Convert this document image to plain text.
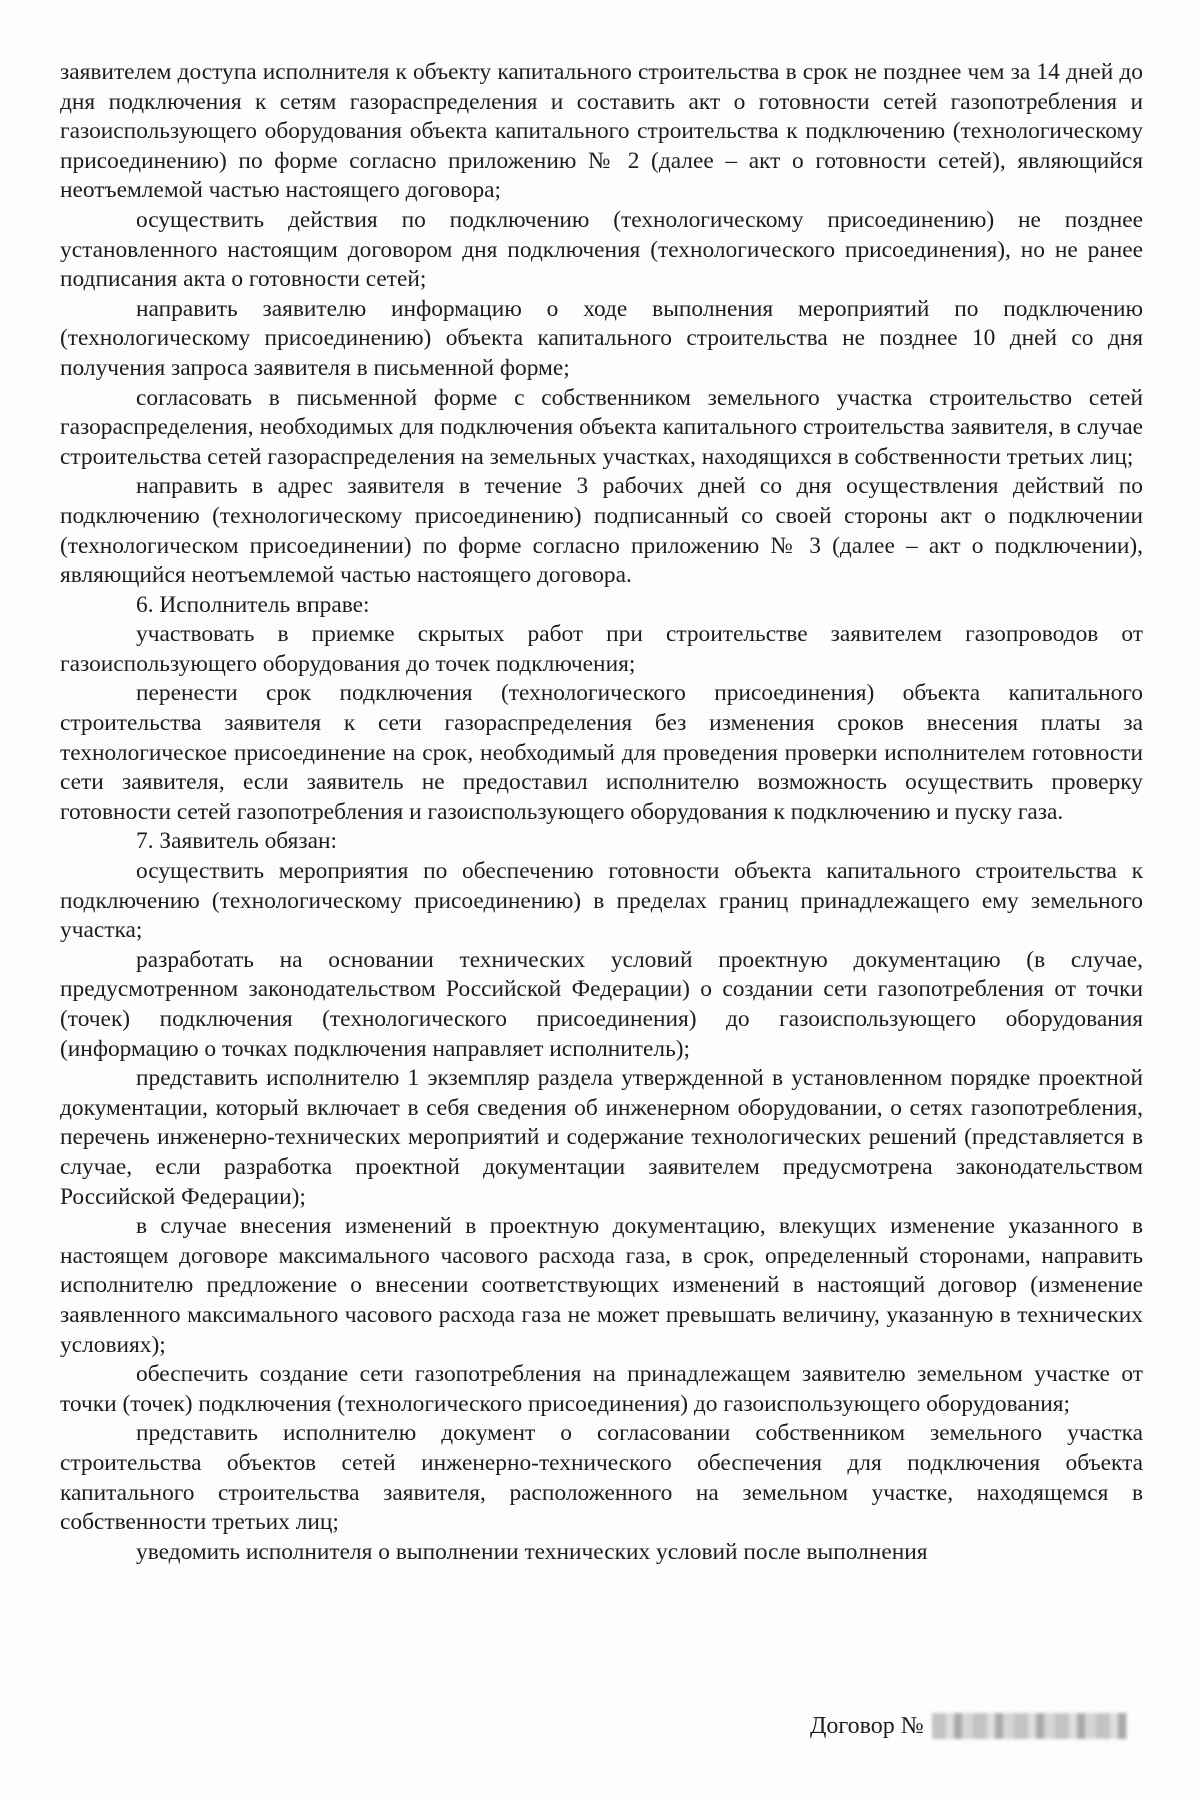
заявителем доступа исполнителя к объекту капитального строительства в срок не позднее чем за 14 дней до дня подключения к сетям газораспределения и составить акт о готовности сетей газопотребления и газоиспользующего оборудования объекта капитального строительства к подключению (технологическому присоединению) по форме согласно приложению № 2 (далее – акт о готовности сетей), являющийся неотъемлемой частью настоящего договора;

осуществить действия по подключению (технологическому присоединению) не позднее установленного настоящим договором дня подключения (технологического присоединения), но не ранее подписания акта о готовности сетей;

направить заявителю информацию о ходе выполнения мероприятий по подключению (технологическому присоединению) объекта капитального строительства не позднее 10 дней со дня получения запроса заявителя в письменной форме;

согласовать в письменной форме с собственником земельного участка строительство сетей газораспределения, необходимых для подключения объекта капитального строительства заявителя, в случае строительства сетей газораспределения на земельных участках, находящихся в собственности третьих лиц;

направить в адрес заявителя в течение 3 рабочих дней со дня осуществления действий по подключению (технологическому присоединению) подписанный со своей стороны акт о подключении (технологическом присоединении) по форме согласно приложению № 3 (далее – акт о подключении), являющийся неотъемлемой частью настоящего договора.

6. Исполнитель вправе:

участвовать в приемке скрытых работ при строительстве заявителем газопроводов от газоиспользующего оборудования до точек подключения;

перенести срок подключения (технологического присоединения) объекта капитального строительства заявителя к сети газораспределения без изменения сроков внесения платы за технологическое присоединение на срок, необходимый для проведения проверки исполнителем готовности сети заявителя, если заявитель не предоставил исполнителю возможность осуществить проверку готовности сетей газопотребления и газоиспользующего оборудования к подключению и пуску газа.

7. Заявитель обязан:

осуществить мероприятия по обеспечению готовности объекта капитального строительства к подключению (технологическому присоединению) в пределах границ принадлежащего ему земельного участка;

разработать на основании технических условий проектную документацию (в случае, предусмотренном законодательством Российской Федерации) о создании сети газопотребления от точки (точек) подключения (технологического присоединения) до газоиспользующего оборудования (информацию о точках подключения направляет исполнитель);

представить исполнителю 1 экземпляр раздела утвержденной в установленном порядке проектной документации, который включает в себя сведения об инженерном оборудовании, о сетях газопотребления, перечень инженерно-технических мероприятий и содержание технологических решений (представляется в случае, если разработка проектной документации заявителем предусмотрена законодательством Российской Федерации);

в случае внесения изменений в проектную документацию, влекущих изменение указанного в настоящем договоре максимального часового расхода газа, в срок, определенный сторонами, направить исполнителю предложение о внесении соответствующих изменений в настоящий договор (изменение заявленного максимального часового расхода газа не может превышать величину, указанную в технических условиях);

обеспечить создание сети газопотребления на принадлежащем заявителю земельном участке от точки (точек) подключения (технологического присоединения) до газоиспользующего оборудования;

представить исполнителю документ о согласовании собственником земельного участка строительства объектов сетей инженерно-технического обеспечения для подключения объекта капитального строительства заявителя, расположенного на земельном участке, находящемся в собственности третьих лиц;

уведомить исполнителя о выполнении технических условий после выполнения

Договор №
